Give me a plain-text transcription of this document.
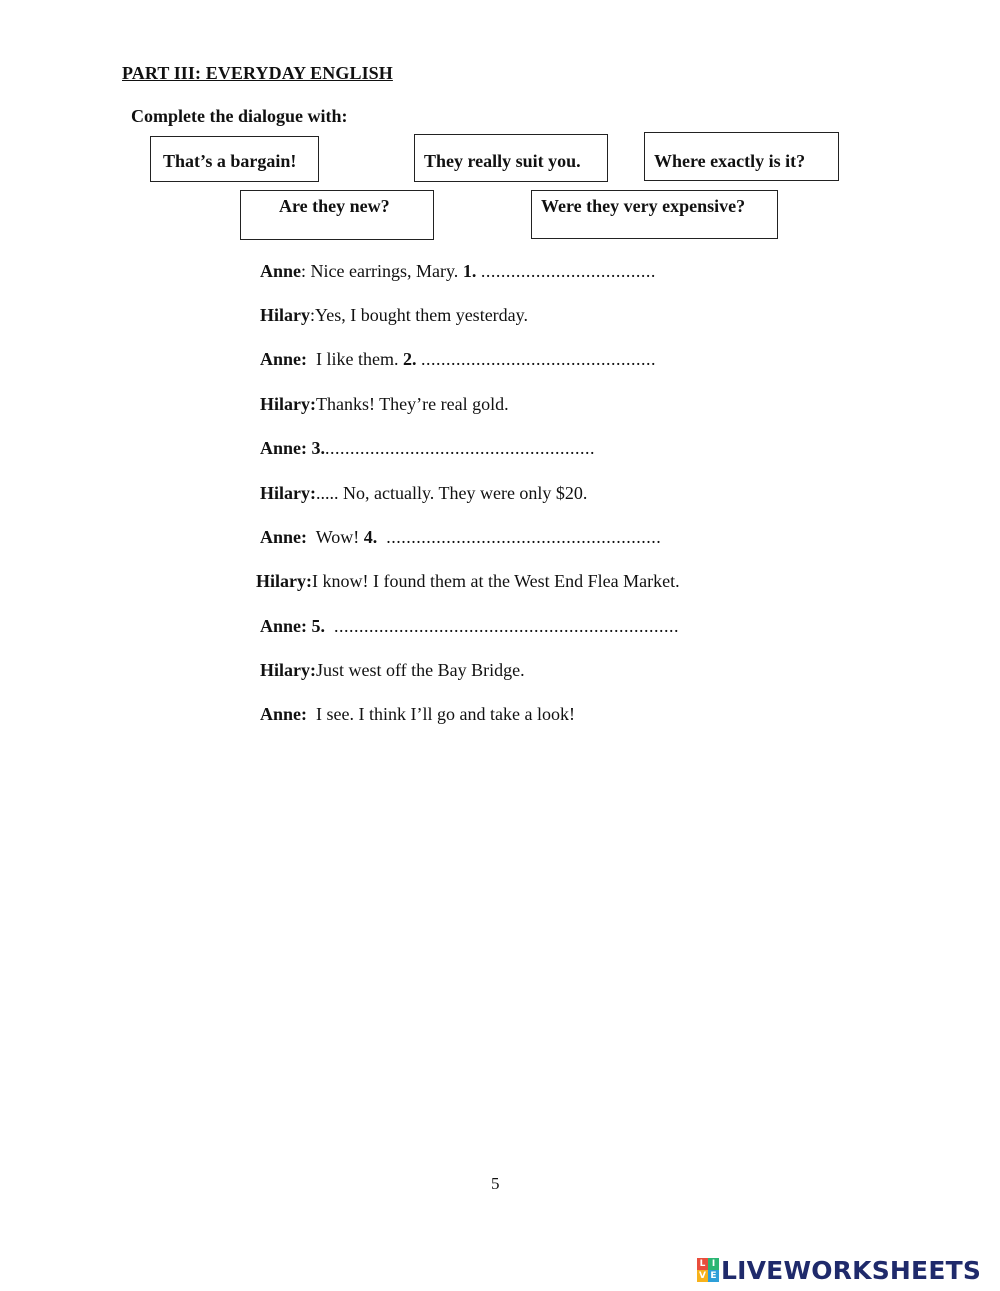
PART III: EVERYDAY ENGLISH
Complete the dialogue with:
That’s a bargain!	They really suit you.	Where exactly is it?
Are they new?	Were they very expensive?
Anne: Nice earrings, Mary. 1. ...................................
Hilary:Yes, I bought them yesterday.
Anne: I like them. 2. ...............................................
Hilary:Thanks! They’re real gold.
Anne: 3.......................................................
Hilary:..... No, actually. They were only $20.
Anne: Wow! 4. .......................................................
Hilary:I know! I found them at the West End Flea Market.
Anne: 5. .....................................................................
Hilary:Just west off the Bay Bridge.
Anne: I see. I think I’ll go and take a look!
5
L I
V E LIVEWORKSHEETS
